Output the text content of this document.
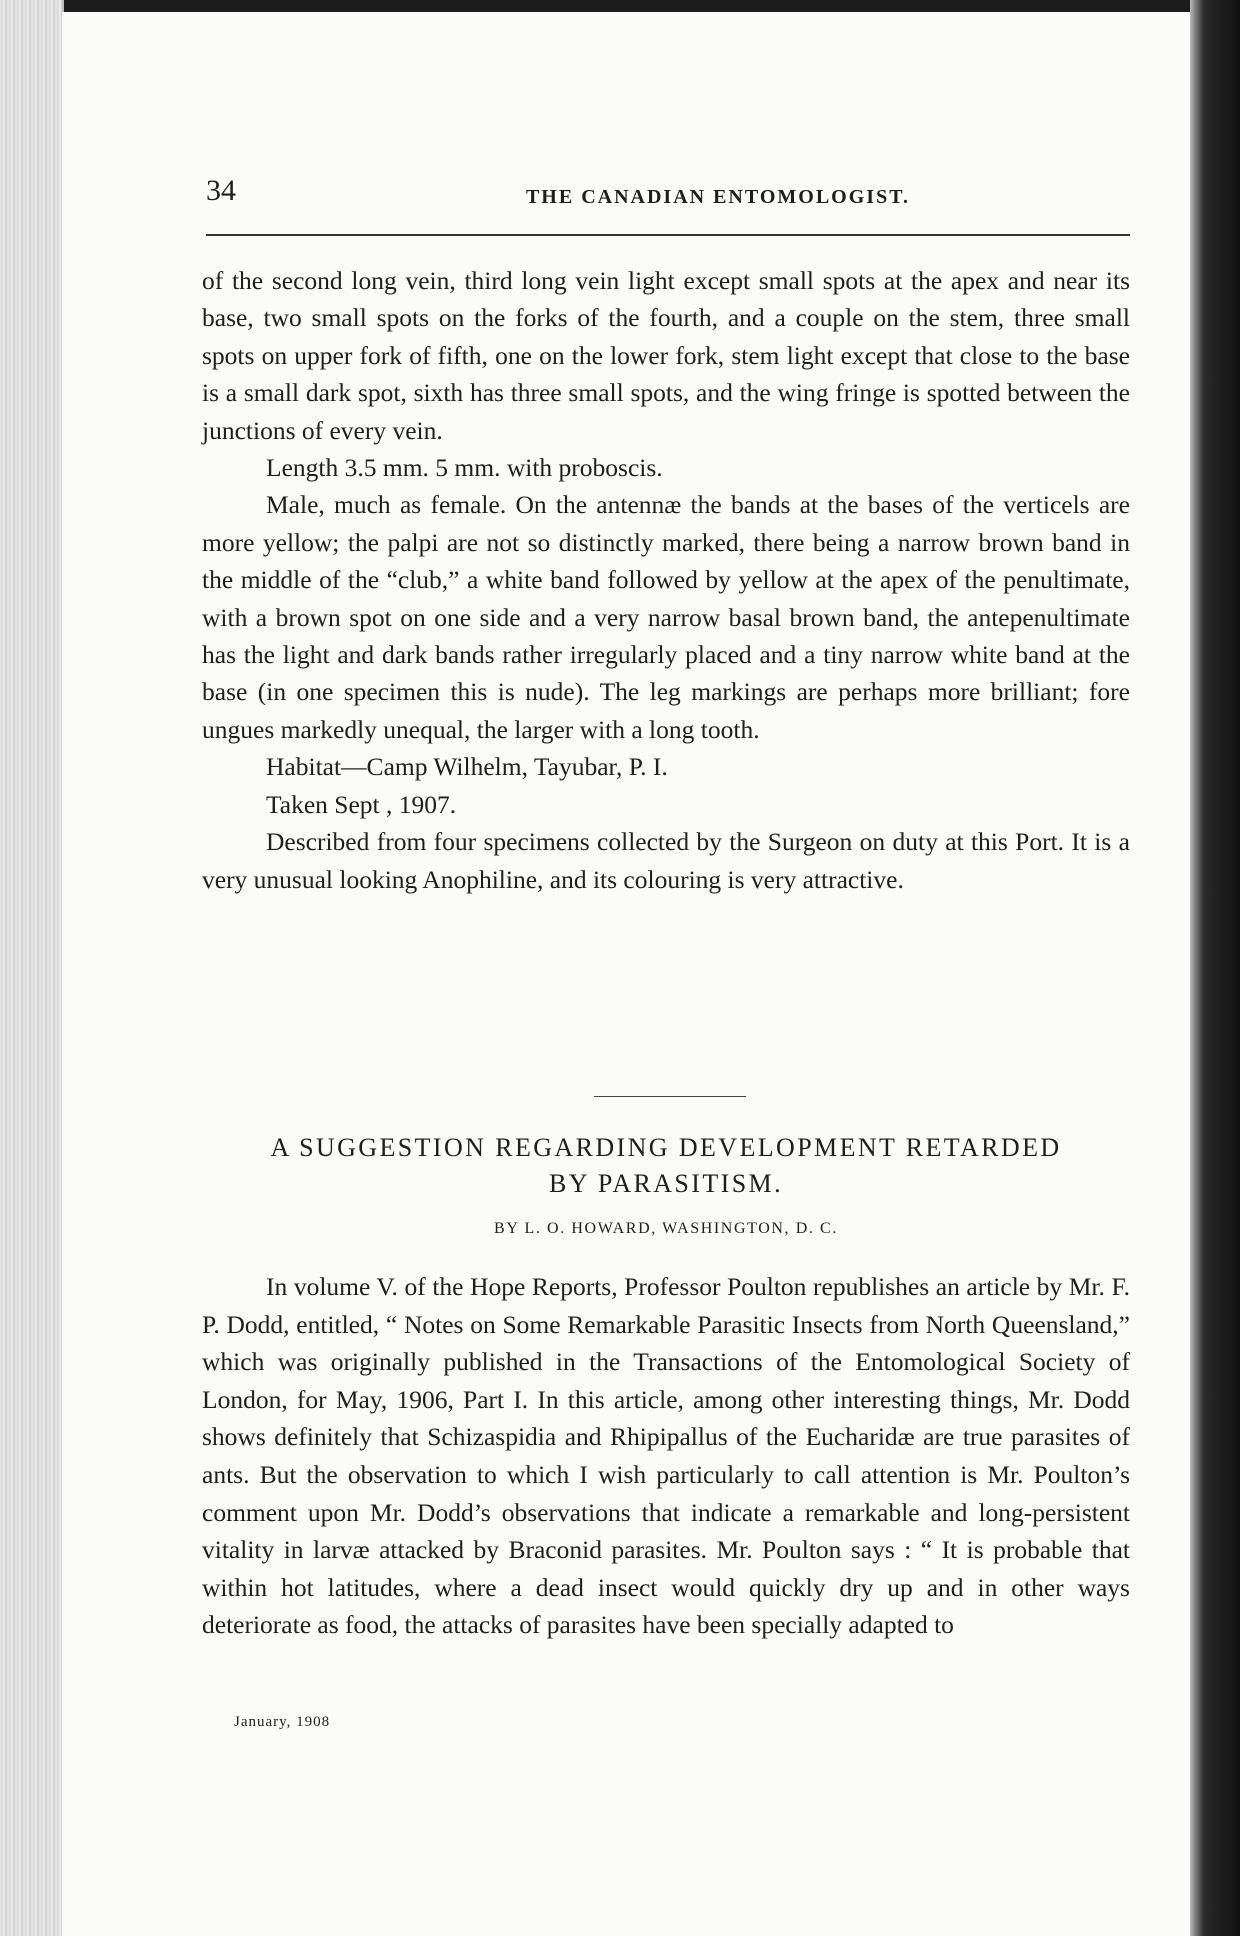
34	THE CANADIAN ENTOMOLOGIST.

of the second long vein, third long vein light except small spots at the apex and near its base, two small spots on the forks of the fourth, and a couple on the stem, three small spots on upper fork of fifth, one on the lower fork, stem light except that close to the base is a small dark spot, sixth has three small spots, and the wing fringe is spotted between the junctions of every vein.

Length 3.5 mm. 5 mm. with proboscis.

Male, much as female. On the antennæ the bands at the bases of the verticels are more yellow; the palpi are not so distinctly marked, there being a narrow brown band in the middle of the “club,” a white band followed by yellow at the apex of the penultimate, with a brown spot on one side and a very narrow basal brown band, the antepenultimate has the light and dark bands rather irregularly placed and a tiny narrow white band at the base (in one specimen this is nude). The leg markings are perhaps more brilliant; fore ungues markedly unequal, the larger with a long tooth.

Habitat—Camp Wilhelm, Tayubar, P. I.

Taken Sept , 1907.

Described from four specimens collected by the Surgeon on duty at this Port. It is a very unusual looking Anophiline, and its colouring is very attractive.

A SUGGESTION REGARDING DEVELOPMENT RETARDED
BY PARASITISM.
BY L. O. HOWARD, WASHINGTON, D. C.

In volume V. of the Hope Reports, Professor Poulton republishes an article by Mr. F. P. Dodd, entitled, “ Notes on Some Remarkable Parasitic Insects from North Queensland,” which was originally published in the Transactions of the Entomological Society of London, for May, 1906, Part I. In this article, among other interesting things, Mr. Dodd shows definitely that Schizaspidia and Rhipipallus of the Eucharidæ are true parasites of ants. But the observation to which I wish particularly to call attention is Mr. Poulton’s comment upon Mr. Dodd’s observations that indicate a remarkable and long-persistent vitality in larvæ attacked by Braconid parasites. Mr. Poulton says : “ It is probable that within hot latitudes, where a dead insect would quickly dry up and in other ways deteriorate as food, the attacks of parasites have been specially adapted to

January, 1908
